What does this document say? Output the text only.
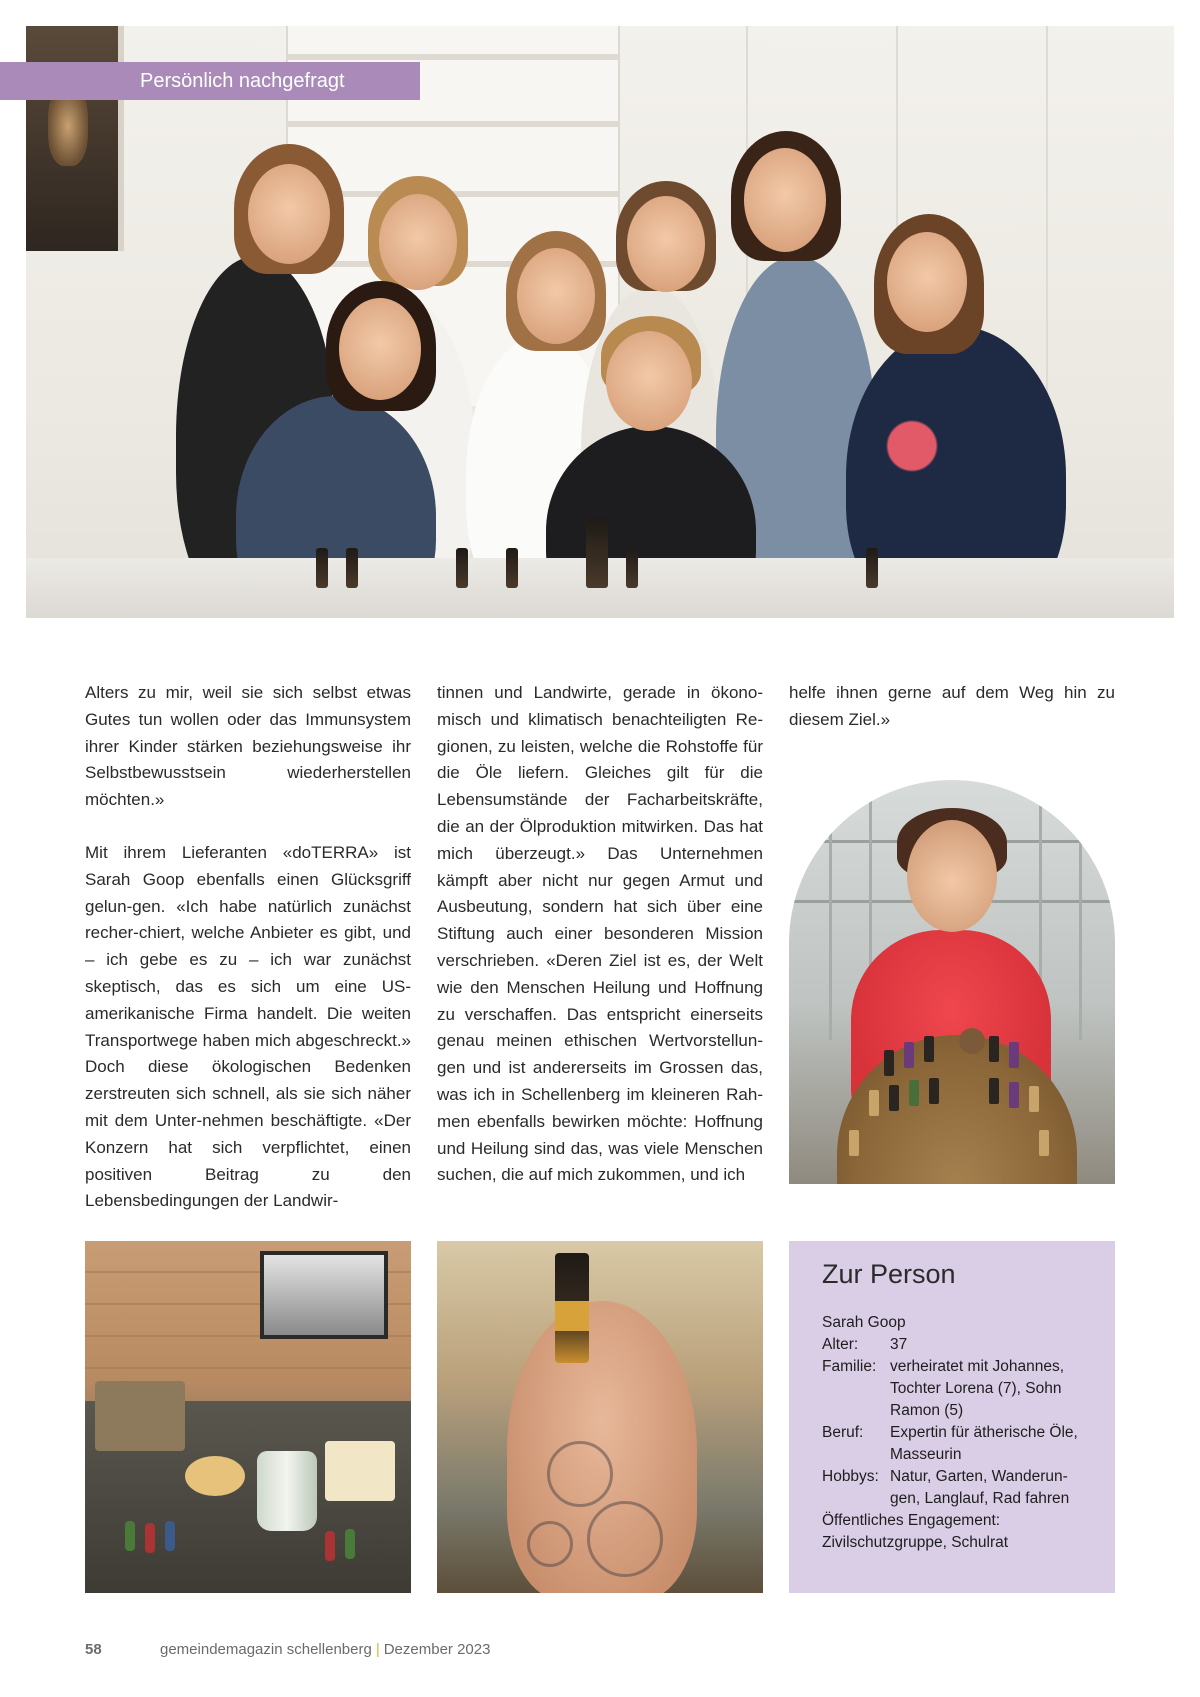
Persönlich nachgefragt

Alters zu mir, weil sie sich selbst etwas Gutes tun wollen oder das Immunsystem ihrer Kinder stärken beziehungsweise ihr Selbstbewusstsein wiederherstellen möchten.»

Mit ihrem Lieferanten «doTERRA» ist Sarah Goop ebenfalls einen Glücksgriff gelun-gen. «Ich habe natürlich zunächst recher-chiert, welche Anbieter es gibt, und – ich gebe es zu – ich war zunächst skeptisch, das es sich um eine US-amerikanische Firma handelt. Die weiten Transportwege haben mich abgeschreckt.» Doch diese ökologischen Bedenken zerstreuten sich schnell, als sie sich näher mit dem Unter-nehmen beschäftigte. «Der Konzern hat sich verpflichtet, einen positiven Beitrag zu den Lebensbedingungen der Landwir-

tinnen und Landwirte, gerade in ökono-misch und klimatisch benachteiligten Re-gionen, zu leisten, welche die Rohstoffe für die Öle liefern. Gleiches gilt für die Lebensumstände der Facharbeitskräfte, die an der Ölproduktion mitwirken. Das hat mich überzeugt.» Das Unternehmen kämpft aber nicht nur gegen Armut und Ausbeutung, sondern hat sich über eine Stiftung auch einer besonderen Mission verschrieben. «Deren Ziel ist es, der Welt wie den Menschen Heilung und Hoffnung zu verschaffen. Das entspricht einerseits genau meinen ethischen Wertvorstellun-gen und ist andererseits im Grossen das, was ich in Schellenberg im kleineren Rah-men ebenfalls bewirken möchte: Hoffnung und Heilung sind das, was viele Menschen suchen, die auf mich zukommen, und ich

helfe ihnen gerne auf dem Weg hin zu diesem Ziel.»

Zur Person
Sarah Goop
Alter:	37
Familie: verheiratet mit Johannes, Tochter Lorena (7), Sohn Ramon (5)
Beruf:	Expertin für ätherische Öle, Masseurin
Hobbys: Natur, Garten, Wanderun-gen, Langlauf, Rad fahren
Öffentliches Engagement:
Zivilschutzgruppe, Schulrat
58	gemeindemagazin schellenberg | Dezember 2023
